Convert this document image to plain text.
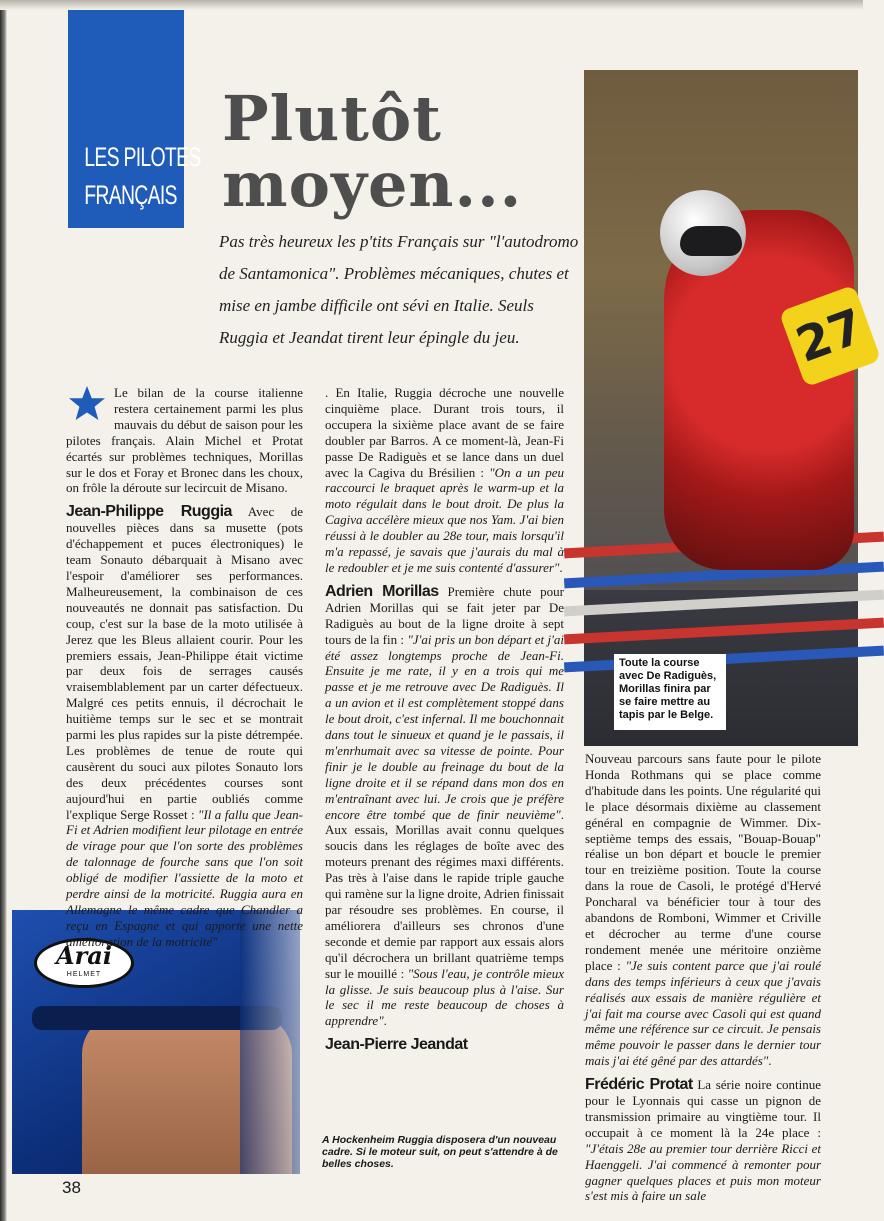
LES PILOTES
FRANÇAIS
Plutôt
moyen...
Pas très heureux les p'tits Français sur "l'autodromo de Santamonica". Problèmes mécaniques, chutes et mise en jambe difficile ont sévi en Italie. Seuls Ruggia et Jeandat tirent leur épingle du jeu.	27
Toute la course avec De Radiguès, Morillas finira par se faire mettre au tapis par le Belge.
Arai
HELMET
A Hockenheim Ruggia disposera d'un nouveau cadre. Si le moteur suit, on peut s'attendre à de belles choses.

Le bilan de la course italienne restera certainement parmi les plus mauvais du début de saison pour les pilotes français. Alain Michel et Protat écartés sur problèmes techniques, Morillas sur le dos et Foray et Bronec dans les choux, on frôle la déroute sur lecircuit de Misano.

Jean-Philippe Ruggia Avec de nouvelles pièces dans sa musette (pots d'échappement et puces électroniques) le team Sonauto débarquait à Misano avec l'espoir d'améliorer ses performances. Malheureusement, la combinaison de ces nouveautés ne donnait pas satisfaction. Du coup, c'est sur la base de la moto utilisée à Jerez que les Bleus allaient courir. Pour les premiers essais, Jean-Philippe était victime par deux fois de serrages causés vraisemblablement par un carter défectueux. Malgré ces petits ennuis, il décrochait le huitième temps sur le sec et se montrait parmi les plus rapides sur la piste détrempée. Les problèmes de tenue de route qui causèrent du souci aux pilotes Sonauto lors des deux précédentes courses sont aujourd'hui en partie oubliés comme l'explique Serge Rosset : "Il a fallu que Jean-Fi et Adrien modifient leur pilotage en entrée de virage pour que l'on sorte des problèmes de talonnage de fourche sans que l'on soit obligé de modifier l'assiette de la moto et perdre ainsi de la motricité. Ruggia aura en Allemagne le même cadre que Chandler a reçu en Espagne et qui apporte une nette amélioration de la motricité"

. En Italie, Ruggia décroche une nouvelle cinquième place. Durant trois tours, il occupera la sixième place avant de se faire doubler par Barros. A ce moment-là, Jean-Fi passe De Radiguès et se lance dans un duel avec la Cagiva du Brésilien : "On a un peu raccourci le braquet après le warm-up et la moto régulait dans le bout droit. De plus la Cagiva accélère mieux que nos Yam. J'ai bien réussi à le doubler au 28e tour, mais lorsqu'il m'a repassé, je savais que j'aurais du mal à le redoubler et je me suis contenté d'assurer".

Adrien Morillas Première chute pour Adrien Morillas qui se fait jeter par De Radiguès au bout de la ligne droite à sept tours de la fin : "J'ai pris un bon départ et j'ai été assez longtemps proche de Jean-Fi. Ensuite je me rate, il y en a trois qui me passe et je me retrouve avec De Radiguès. Il a un avion et il est complètement stoppé dans le bout droit, c'est infernal. Il me bouchonnait dans tout le sinueux et quand je le passais, il m'enrhumait avec sa vitesse de pointe. Pour finir je le double au freinage du bout de la ligne droite et il se répand dans mon dos en m'entraînant avec lui. Je crois que je préfère encore être tombé que de finir neuvième". Aux essais, Morillas avait connu quelques soucis dans les réglages de boîte avec des moteurs prenant des régimes maxi différents. Pas très à l'aise dans le rapide triple gauche qui ramène sur la ligne droite, Adrien finissait par résoudre ses problèmes. En course, il améliorera d'ailleurs ses chronos d'une seconde et demie par rapport aux essais alors qu'il décrochera un brillant quatrième temps sur le mouillé : "Sous l'eau, je contrôle mieux la glisse. Je suis beaucoup plus à l'aise. Sur le sec il me reste beaucoup de choses à apprendre".

Jean-Pierre Jeandat

Nouveau parcours sans faute pour le pilote Honda Rothmans qui se place comme d'habitude dans les points. Une régularité qui le place désormais dixième au classement général en compagnie de Wimmer. Dix-septième temps des essais, "Bouap-Bouap" réalise un bon départ et boucle le premier tour en treizième position. Toute la course dans la roue de Casoli, le protégé d'Hervé Poncharal va bénéficier tour à tour des abandons de Romboni, Wimmer et Criville et décrocher au terme d'une course rondement menée une méritoire onzième place : "Je suis content parce que j'ai roulé dans des temps inférieurs à ceux que j'avais réalisés aux essais de manière régulière et j'ai fait ma course avec Casoli qui est quand même une référence sur ce circuit. Je pensais même pouvoir le passer dans le dernier tour mais j'ai été gêné par des attardés".

Frédéric Protat La série noire continue pour le Lyonnais qui casse un pignon de transmission primaire au vingtième tour. Il occupait à ce moment là la 24e place : "J'étais 28e au premier tour derrière Ricci et Haenggeli. J'ai commencé à remonter pour gagner quelques places et puis mon moteur s'est mis à faire un sale

38
